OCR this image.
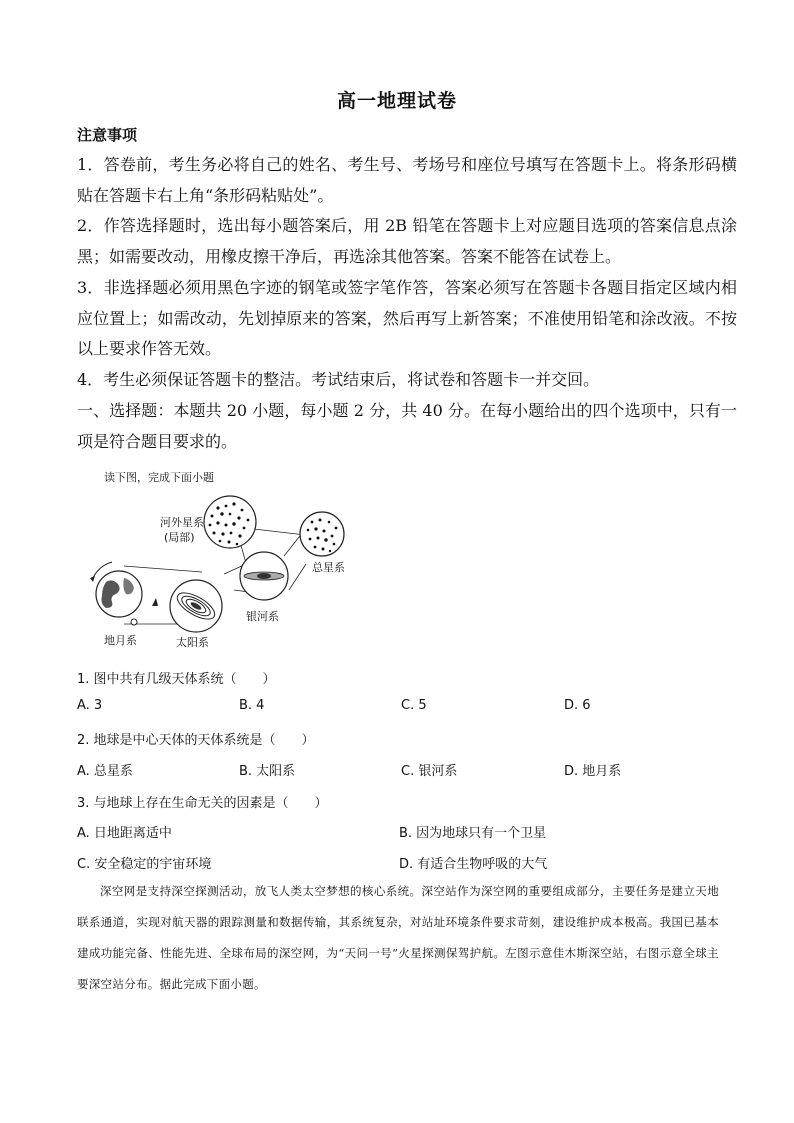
高一地理试卷
注意事项
1．答卷前，考生务必将自己的姓名、考生号、考场号和座位号填写在答题卡上。将条形码横贴在答题卡右上角“条形码粘贴处”。
2．作答选择题时，选出每小题答案后，用 2B 铅笔在答题卡上对应题目选项的答案信息点涂黑；如需要改动，用橡皮擦干净后，再选涂其他答案。答案不能答在试卷上。
3．非选择题必须用黑色字迹的钢笔或签字笔作答，答案必须写在答题卡各题目指定区域内相应位置上；如需改动，先划掉原来的答案，然后再写上新答案；不准使用铅笔和涂改液。不按以上要求作答无效。
4．考生必须保证答题卡的整洁。考试结束后，将试卷和答题卡一并交回。
一、选择题：本题共 20 小题，每小题 2 分，共 40 分。在每小题给出的四个选项中，只有一项是符合题目要求的。
读下图，完成下面小题
河外星系
(局部)
总星系
银河系
地月系	太阳系
1. 图中共有几级天体系统（　　）
A. 3	B. 4	C. 5	D. 6
2. 地球是中心天体的天体系统是（　　）
A. 总星系	B. 太阳系	C. 银河系	D. 地月系
3. 与地球上存在生命无关的因素是（　　）
A. 日地距离适中	B. 因为地球只有一个卫星
C. 安全稳定的宇宙环境	D. 有适合生物呼吸的大气
深空网是支持深空探测活动，放飞人类太空梦想的核心系统。深空站作为深空网的重要组成部分，主要任务是建立天地联系通道，实现对航天器的跟踪测量和数据传输，其系统复杂，对站址环境条件要求苛刻，建设维护成本极高。我国已基本建成功能完备、性能先进、全球布局的深空网，为“天问一号”火星探测保驾护航。左图示意佳木斯深空站，右图示意全球主要深空站分布。据此完成下面小题。
